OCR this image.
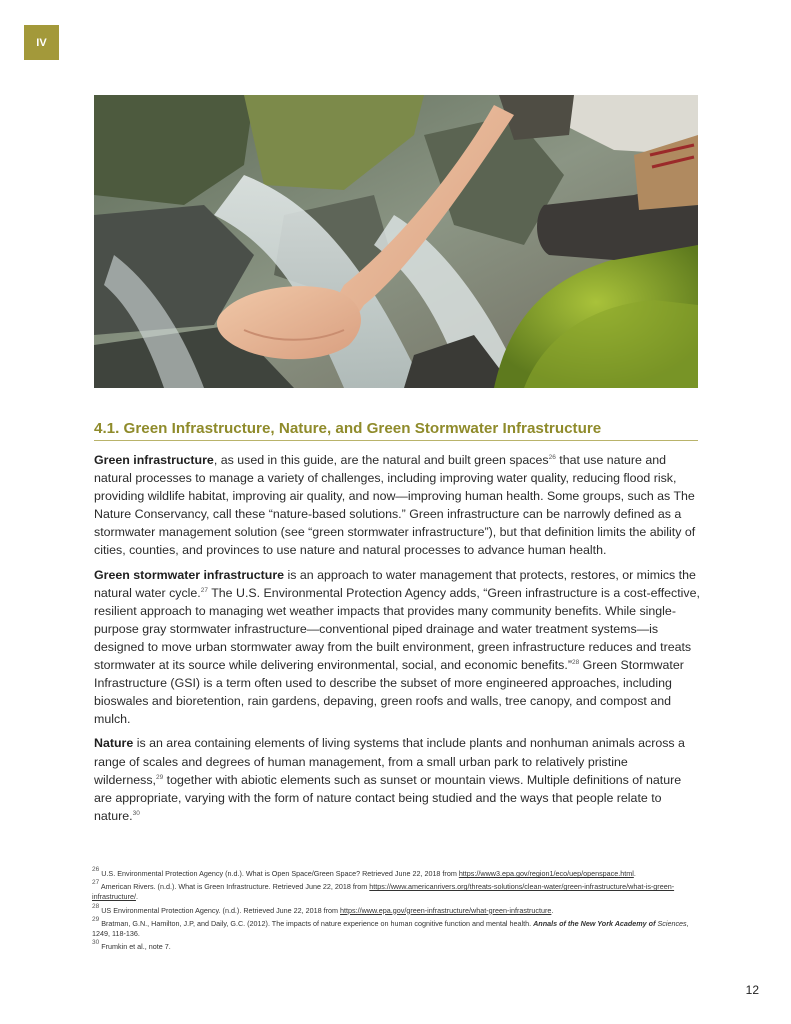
IV
4.1. Green Infrastructure, Nature, and Green Stormwater Infrastructure

Green infrastructure, as used in this guide, are the natural and built green spaces$^{26}$ that use nature and natural processes to manage a variety of challenges, including improving water quality, reducing flood risk, providing wildlife habitat, improving air quality, and now—improving human health. Some groups, such as The Nature Conservancy, call these “nature-based solutions.” Green infrastructure can be narrowly defined as a stormwater management solution (see “green stormwater infrastructure”), but that definition limits the ability of cities, counties, and provinces to use nature and natural processes to advance human health.

Green stormwater infrastructure is an approach to water management that protects, restores, or mimics the natural water cycle.$^{27}$ The U.S. Environmental Protection Agency adds, “Green infrastructure is a cost-effective, resilient approach to managing wet weather impacts that provides many community benefits. While single-purpose gray stormwater infrastructure—conventional piped drainage and water treatment systems—is designed to move urban stormwater away from the built environment, green infrastructure reduces and treats stormwater at its source while delivering environmental, social, and economic benefits.”$^{28}$ Green Stormwater Infrastructure (GSI) is a term often used to describe the subset of more engineered approaches, including bioswales and bioretention, rain gardens, depaving, green roofs and walls, tree canopy, and compost and mulch.

Nature is an area containing elements of living systems that include plants and nonhuman animals across a range of scales and degrees of human management, from a small urban park to relatively pristine wilderness,$^{29}$ together with abiotic elements such as sunset or mountain views. Multiple definitions of nature are appropriate, varying with the form of nature contact being studied and the ways that people relate to nature.$^{30}$

$^{26}$ U.S. Environmental Protection Agency (n.d.). What is Open Space/Green Space? Retrieved June 22, 2018 from https://www3.epa.gov/region1/eco/uep/openspace.html.
$^{27}$ American Rivers. (n.d.). What is Green Infrastructure. Retrieved June 22, 2018 from https://www.americanrivers.org/threats-solutions/clean-water/green-infrastructure/what-is-green-infrastructure/.
$^{28}$ US Environmental Protection Agency. (n.d.). Retrieved June 22, 2018 from https://www.epa.gov/green-infrastructure/what-green-infrastructure.
$^{29}$ Bratman, G.N., Hamilton, J.P, and Daily, G.C. (2012). The impacts of nature experience on human cognitive function and mental health. Annals of the New York Academy of Sciences, 1249, 118-136.
$^{30}$ Frumkin et al., note 7.
12
